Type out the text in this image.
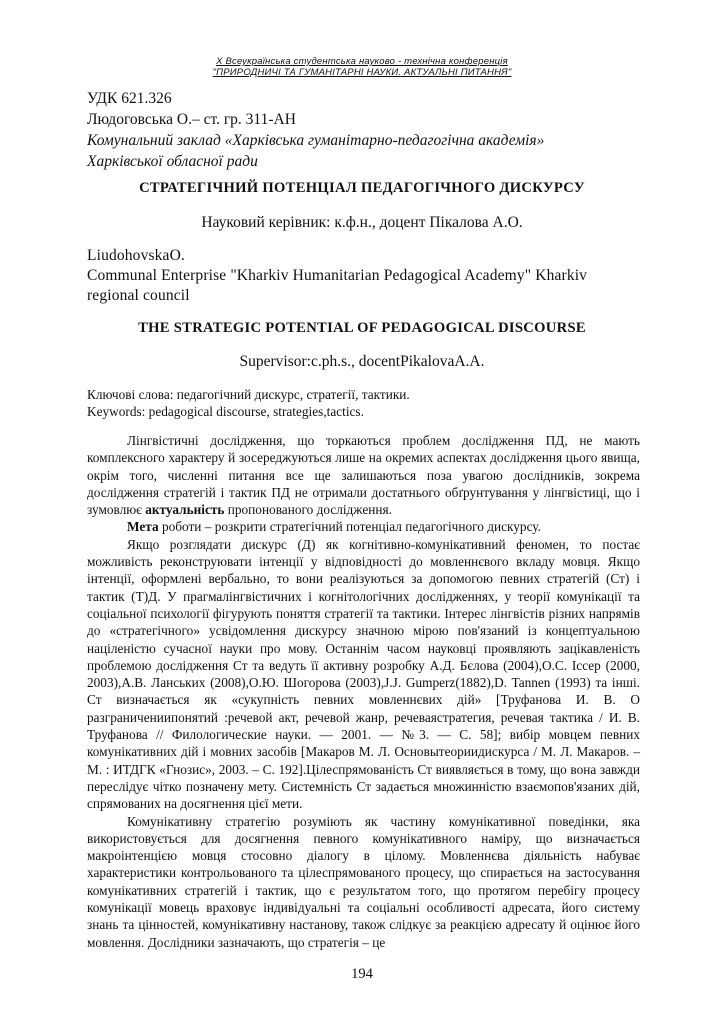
X Всеукраїнська студентська науково - технічна конференція
"ПРИРОДНИЧІ ТА ГУМАНІТАРНІ НАУКИ. АКТУАЛЬНІ ПИТАННЯ"
УДК 621.326
Людоговська О.– ст. гр. 311-АН
Комунальний заклад «Харківська гуманітарно-педагогічна академія»
Харківської обласної ради
СТРАТЕГІЧНИЙ ПОТЕНЦІАЛ ПЕДАГОГІЧНОГО ДИСКУРСУ
Науковий керівник: к.ф.н., доцент Пікалова А.О.
LiudohovskaO.
Communal Enterprise "Kharkiv Humanitarian Pedagogical Academy" Kharkiv regional council
THE STRATEGIC POTENTIAL OF PEDAGOGICAL DISCOURSE
Supervisor:c.ph.s., docentPikalovaA.A.
Ключові слова: педагогічний дискурс, стратегії, тактики.
Keywords: pedagogical discourse, strategies,tactics.

Лінгвістичні дослідження, що торкаються проблем дослідження ПД, не мають комплексного характеру й зосереджуються лише на окремих аспектах дослідження цього явища, окрім того, численні питання все ще залишаються поза увагою дослідників, зокрема дослідження стратегій і тактик ПД не отримали достатнього обґрунтування у лінгвістиці, що і зумовлює актуальність пропонованого дослідження.

Мета роботи – розкрити стратегічний потенціал педагогічного дискурсу.

Якщо розглядати дискурс (Д) як когнітивно-комунікативний феномен, то постає можливість реконструювати інтенції у відповідності до мовленнєвого вкладу мовця. Якщо інтенції, оформлені вербально, то вони реалізуються за допомогою певних стратегій (Ст) і тактик (Т)Д. У прагмалінгвістичних і когнітологічних дослідженнях, у теорії комунікації та соціальної психології фігурують поняття стратегії та тактики. Інтерес лінгвістів різних напрямів до «стратегічного» усвідомлення дискурсу значною мірою пов'язаний із концептуальною націленістю сучасної науки про мову. Останнім часом науковці проявляють зацікавленість проблемою дослідження Ст та ведуть її активну розробку А.Д. Бєлова (2004),О.С. Іссер (2000, 2003),А.В. Ланських (2008),О.Ю. Шогорова (2003),J.J. Gumperz(1882),D. Tannen (1993) та інші. Ст визначається як «сукупність певних мовленнєвих дій» [Труфанова И. В. О разграничениипонятий :речевой акт, речевой жанр, речеваястратегия, речевая тактика / И. В. Труфанова // Филологические науки. — 2001. — №3. — С. 58]; вибір мовцем певних комунікативних дій і мовних засобів [Макаров М. Л. Основытеориидискурса / М. Л. Макаров. – М. : ИТДГК «Гнозис», 2003. – С. 192].Цілеспрямованість Ст виявляється в тому, що вона завжди переслідує чітко позначену мету. Системність Ст задається множинністю взаємопов'язаних дій, спрямованих на досягнення цієї мети.

Комунікативну стратегію розуміють як частину комунікативної поведінки, яка використовується для досягнення певного комунікативного наміру, що визначається макроінтенцією мовця стосовно діалогу в цілому. Мовленнєва діяльність набуває характеристики контрольованого та цілеспрямованого процесу, що спирається на застосування комунікативних стратегій і тактик, що є результатом того, що протягом перебігу процесу комунікації мовець враховує індивідуальні та соціальні особливості адресата, його систему знань та цінностей, комунікативну настанову, також слідкує за реакцією адресату й оцінює його мовлення. Дослідники зазначають, що стратегія – це

194
